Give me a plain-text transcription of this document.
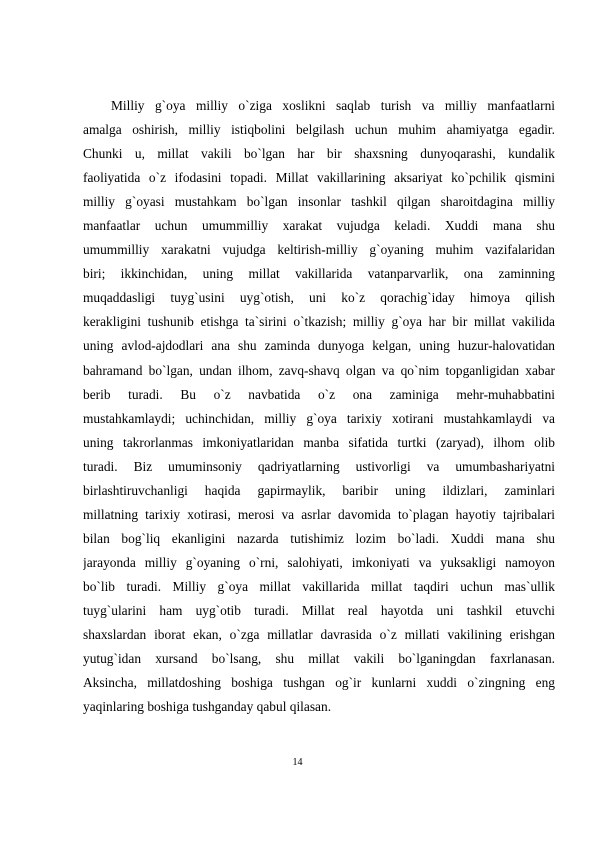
Milliy g`oya milliy o`ziga xoslikni saqlab turish va milliy manfaatlarni
amalga oshirish, milliy istiqbolini belgilash uchun muhim ahamiyatga egadir.
Chunki u, millat vakili bo`lgan har bir shaxsning dunyoqarashi, kundalik
faoliyatida o`z ifodasini topadi. Millat vakillarining aksariyat ko`pchilik qismini
milliy g`oyasi mustahkam bo`lgan insonlar tashkil qilgan sharoitdagina milliy
manfaatlar uchun umummilliy xarakat vujudga keladi. Xuddi mana shu
umummilliy xarakatni vujudga keltirish-milliy g`oyaning muhim vazifalaridan
biri; ikkinchidan, uning millat vakillarida vatanparvarlik, ona zaminning
muqaddasligi tuyg`usini uyg`otish, uni ko`z qorachig`iday himoya qilish
kerakligini tushunib etishga ta`sirini o`tkazish; milliy g`oya har bir millat vakilida
uning avlod-ajdodlari ana shu zaminda dunyoga kelgan, uning huzur-halovatidan
bahramand bo`lgan, undan ilhom, zavq-shavq olgan va qo`nim topganligidan xabar
berib turadi. Bu o`z navbatida o`z ona zaminiga mehr-muhabbatini
mustahkamlaydi; uchinchidan, milliy g`oya tarixiy xotirani mustahkamlaydi va
uning takrorlanmas imkoniyatlaridan manba sifatida turtki (zaryad), ilhom olib
turadi. Biz umuminsoniy qadriyatlarning ustivorligi va umumbashariyatni
birlashtiruvchanligi haqida gapirmaylik, baribir uning ildizlari, zaminlari
millatning tarixiy xotirasi, merosi va asrlar davomida to`plagan hayotiy tajribalari
bilan bog`liq ekanligini nazarda tutishimiz lozim bo`ladi. Xuddi mana shu
jarayonda milliy g`oyaning o`rni, salohiyati, imkoniyati va yuksakligi namoyon
bo`lib turadi. Milliy g`oya millat vakillarida millat taqdiri uchun mas`ullik
tuyg`ularini ham uyg`otib turadi. Millat real hayotda uni tashkil etuvchi
shaxslardan iborat ekan, o`zga millatlar davrasida o`z millati vakilining erishgan
yutug`idan xursand bo`lsang, shu millat vakili bo`lganingdan faxrlanasan.
Aksincha, millatdoshing boshiga tushgan og`ir kunlarni xuddi o`zingning eng
yaqinlaring boshiga tushganday qabul qilasan.
14
